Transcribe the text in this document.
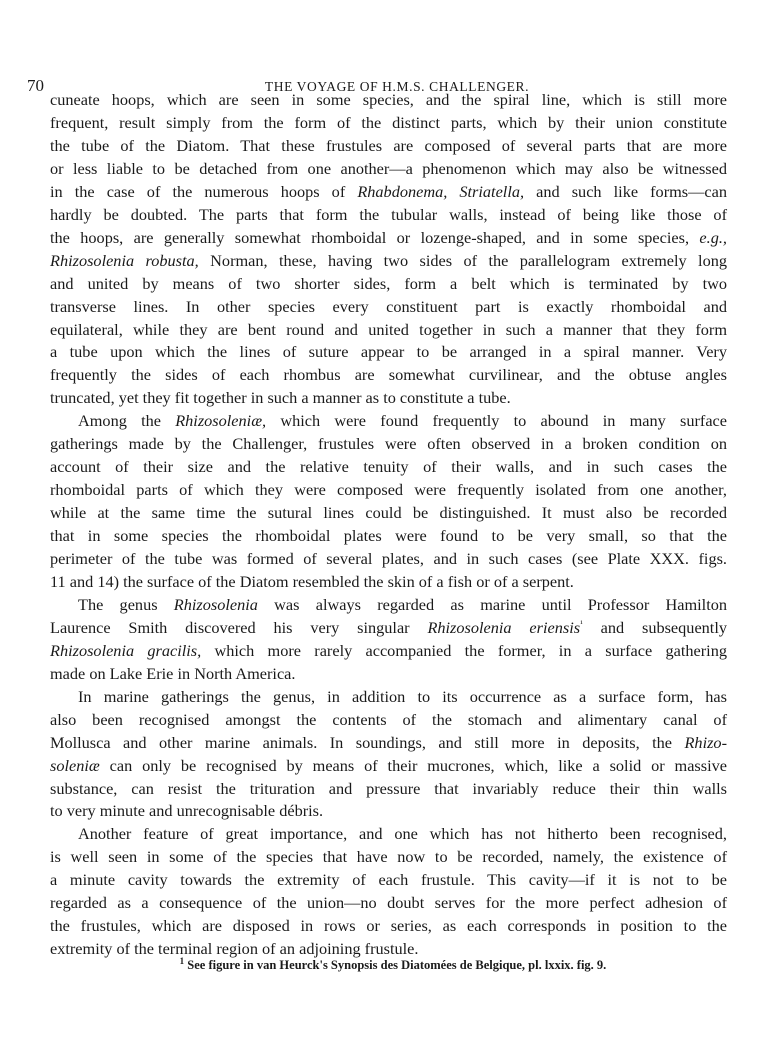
70	THE VOYAGE OF H.M.S. CHALLENGER.
cuneate hoops, which are seen in some species, and the spiral line, which is still more
frequent, result simply from the form of the distinct parts, which by their union constitute
the tube of the Diatom. That these frustules are composed of several parts that are more
or less liable to be detached from one another—a phenomenon which may also be witnessed
in the case of the numerous hoops of Rhabdonema, Striatella, and such like forms—can
hardly be doubted. The parts that form the tubular walls, instead of being like those of
the hoops, are generally somewhat rhomboidal or lozenge-shaped, and in some species, e.g.,
Rhizosolenia robusta, Norman, these, having two sides of the parallelogram extremely long
and united by means of two shorter sides, form a belt which is terminated by two
transverse lines. In other species every constituent part is exactly rhomboidal and
equilateral, while they are bent round and united together in such a manner that they form
a tube upon which the lines of suture appear to be arranged in a spiral manner. Very
frequently the sides of each rhombus are somewhat curvilinear, and the obtuse angles
truncated, yet they fit together in such a manner as to constitute a tube.
Among the Rhizosoleniæ, which were found frequently to abound in many surface
gatherings made by the Challenger, frustules were often observed in a broken condition on
account of their size and the relative tenuity of their walls, and in such cases the
rhomboidal parts of which they were composed were frequently isolated from one another,
while at the same time the sutural lines could be distinguished. It must also be recorded
that in some species the rhomboidal plates were found to be very small, so that the
perimeter of the tube was formed of several plates, and in such cases (see Plate XXX. figs.
11 and 14) the surface of the Diatom resembled the skin of a fish or of a serpent.
The genus Rhizosolenia was always regarded as marine until Professor Hamilton
Laurence Smith discovered his very singular Rhizosolenia eriensis$^{^1}$ and subsequently
Rhizosolenia gracilis, which more rarely accompanied the former, in a surface gathering
made on Lake Erie in North America.
In marine gatherings the genus, in addition to its occurrence as a surface form, has
also been recognised amongst the contents of the stomach and alimentary canal of
Mollusca and other marine animals. In soundings, and still more in deposits, the Rhizo-
soleniæ can only be recognised by means of their mucrones, which, like a solid or massive
substance, can resist the trituration and pressure that invariably reduce their thin walls
to very minute and unrecognisable débris.
Another feature of great importance, and one which has not hitherto been recognised,
is well seen in some of the species that have now to be recorded, namely, the existence of
a minute cavity towards the extremity of each frustule. This cavity—if it is not to be
regarded as a consequence of the union—no doubt serves for the more perfect adhesion of
the frustules, which are disposed in rows or series, as each corresponds in position to the
extremity of the terminal region of an adjoining frustule.
$^1$ See figure in van Heurck's Synopsis des Diatomées de Belgique, pl. lxxix. fig. 9.
